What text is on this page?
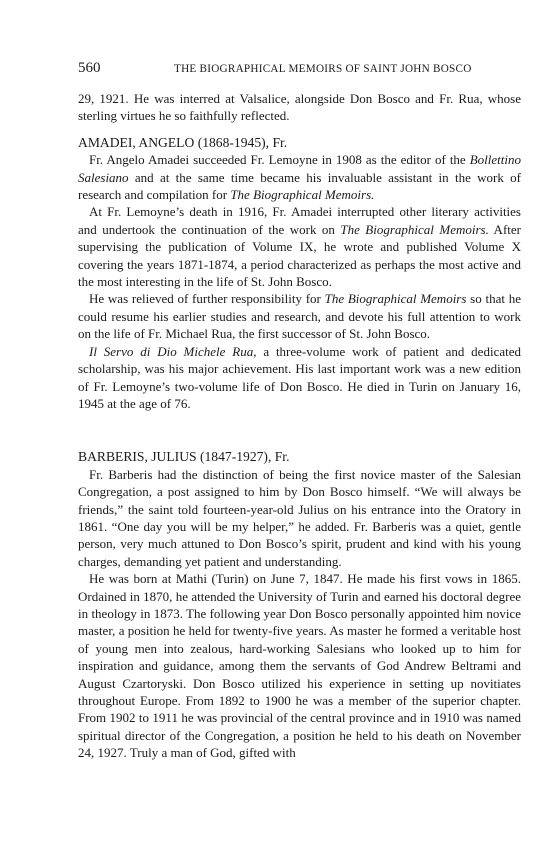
560	THE BIOGRAPHICAL MEMOIRS OF SAINT JOHN BOSCO

29, 1921. He was interred at Valsalice, alongside Don Bosco and Fr. Rua, whose sterling virtues he so faithfully reflected.

AMADEI, ANGELO (1868-1945), Fr.

Fr. Angelo Amadei succeeded Fr. Lemoyne in 1908 as the editor of the Bollettino Salesiano and at the same time became his invaluable assistant in the work of research and compilation for The Biographical Memoirs.

At Fr. Lemoyne’s death in 1916, Fr. Amadei interrupted other literary activities and undertook the continuation of the work on The Biographical Memoirs. After supervising the publication of Volume IX, he wrote and published Volume X covering the years 1871-1874, a period characterized as perhaps the most active and the most interesting in the life of St. John Bosco.

He was relieved of further responsibility for The Biographical Memoirs so that he could resume his earlier studies and research, and devote his full attention to work on the life of Fr. Michael Rua, the first successor of St. John Bosco.

Il Servo di Dio Michele Rua, a three-volume work of patient and dedicated scholarship, was his major achievement. His last important work was a new edition of Fr. Lemoyne’s two-volume life of Don Bosco. He died in Turin on January 16, 1945 at the age of 76.

BARBERIS, JULIUS (1847-1927), Fr.

Fr. Barberis had the distinction of being the first novice master of the Salesian Congregation, a post assigned to him by Don Bosco himself. “We will always be friends,” the saint told fourteen-year-old Julius on his entrance into the Oratory in 1861. “One day you will be my helper,” he added. Fr. Barberis was a quiet, gentle person, very much attuned to Don Bosco’s spirit, prudent and kind with his young charges, demanding yet patient and understanding.

He was born at Mathi (Turin) on June 7, 1847. He made his first vows in 1865. Ordained in 1870, he attended the University of Turin and earned his doctoral degree in theology in 1873. The following year Don Bosco personally appointed him novice master, a position he held for twenty-five years. As master he formed a veritable host of young men into zealous, hard-working Salesians who looked up to him for inspiration and guidance, among them the servants of God Andrew Beltrami and August Czartoryski. Don Bosco utilized his experience in setting up novitiates throughout Europe. From 1892 to 1900 he was a member of the superior chapter. From 1902 to 1911 he was provincial of the central province and in 1910 was named spiritual director of the Congregation, a position he held to his death on November 24, 1927. Truly a man of God, gifted with
